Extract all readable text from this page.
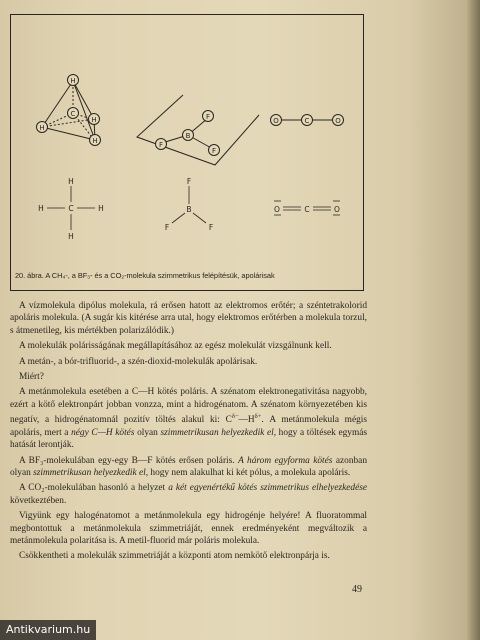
H
C
H
H
H
F
B
F
F
O	C	O
H
H	C	H
H
F
B
F	F
O	C	O
20. ábra. A CH₄-, a BF₃- és a CO₂-molekula szimmetrikus felépítésük, apolárisak

A vízmolekula dipólus molekula, rá erősen hatott az elektromos erőtér; a széntetrakolorid apoláris molekula. (A sugár kis kitérése arra utal, hogy elektromos erőtérben a molekula torzul, s átmenetileg, kis mértékben polarizálódik.)

A molekulák polárisságának megállapításához az egész molekulát vizsgálnunk kell.

A metán-, a bór-trifluorid-, a szén-dioxid-molekulák apolárisak.

Miért?

A metánmolekula esetében a C—H kötés poláris. A szénatom elektronegativitása nagyobb, ezért a kötő elektronpárt jobban vonzza, mint a hidrogénatom. A szénatom környezetében kis negatív, a hidrogénatomnál pozitív töltés alakul ki: $C^{\delta-}—H^{\delta+}$. A metánmolekula mégis apoláris, mert a négy C—H kötés olyan szimmetrikusan helyezkedik el, hogy a töltések egymás hatását lerontják.

A BF₃-molekulában egy-egy B—F kötés erősen poláris. A három egyforma kötés azonban olyan szimmetrikusan helyezkedik el, hogy nem alakulhat ki két pólus, a molekula apoláris.

A CO₂-molekulában hasonló a helyzet a két egyenértékű kötés szimmetrikus elhelyezkedése következtében.

Vigyünk egy halogénatomot a metánmolekula egy hidrogénje helyére! A fluoratommal megbontottuk a metánmolekula szimmetriáját, ennek eredményeként megváltozik a metánmolekula polaritása is. A metil-fluorid már poláris molekula.

Csökkentheti a molekulák szimmetriáját a központi atom nemkötő elektronpárja is.

49
Antikvarium.hu
